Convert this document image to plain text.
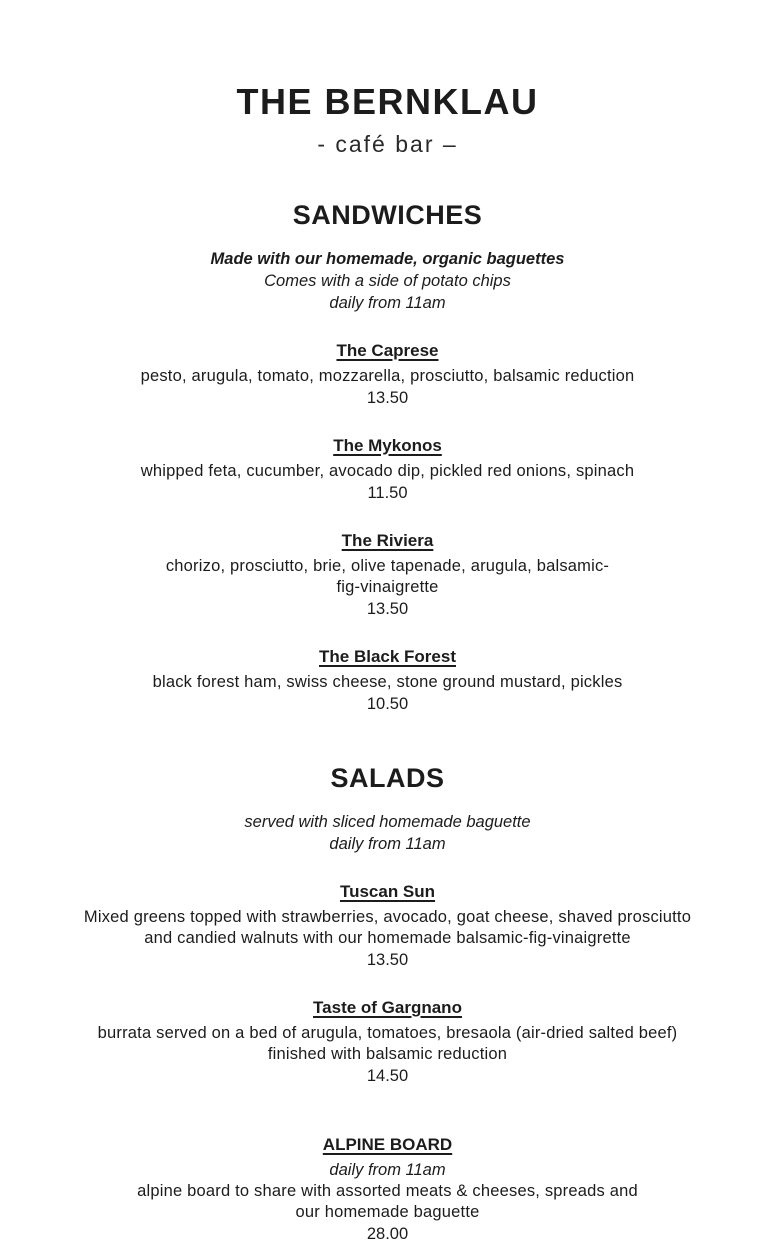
THE BERNKLAU
- café bar –
SANDWICHES
Made with our homemade, organic baguettes
Comes with a side of potato chips
daily from 11am
The Caprese
pesto, arugula, tomato, mozzarella, prosciutto, balsamic reduction
13.50
The Mykonos
whipped feta, cucumber, avocado dip, pickled red onions, spinach
11.50
The Riviera
chorizo, prosciutto, brie, olive tapenade, arugula, balsamic-
fig-vinaigrette
13.50
The Black Forest
black forest ham, swiss cheese, stone ground mustard, pickles
10.50
SALADS
served with sliced homemade baguette
daily from 11am
Tuscan Sun
Mixed greens topped with strawberries, avocado, goat cheese, shaved prosciutto
and candied walnuts with our homemade balsamic-fig-vinaigrette
13.50
Taste of Gargnano
burrata served on a bed of arugula, tomatoes, bresaola (air-dried salted beef)
finished with balsamic reduction
14.50
ALPINE BOARD
daily from 11am
alpine board to share with assorted meats & cheeses, spreads and
our homemade baguette
28.00
